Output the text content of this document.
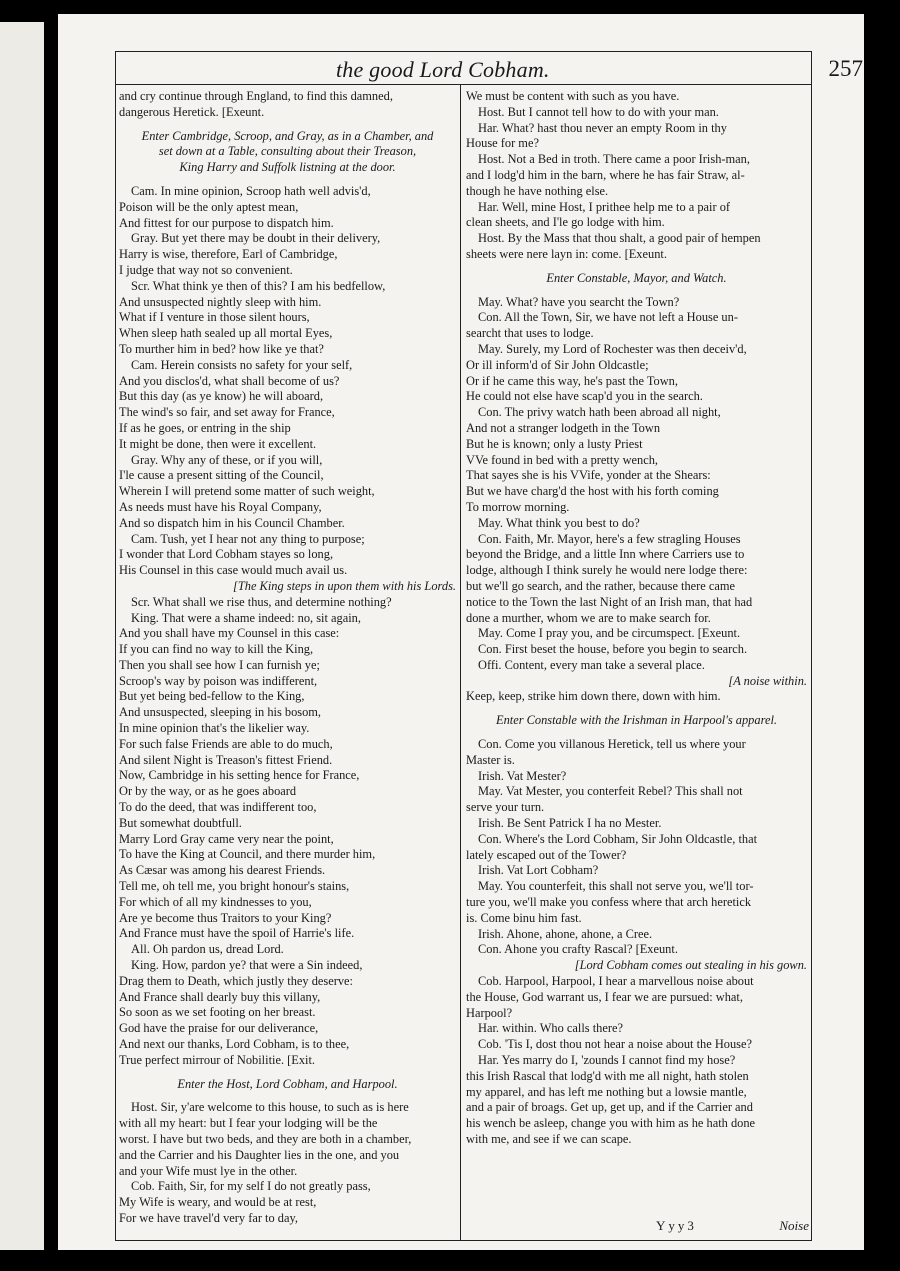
the good Lord Cobham.	257
and cry continue through England, to find this damned,
dangerous Heretick. [Exeunt.
Enter Cambridge, Scroop, and Gray, as in a Chamber, and
set down at a Table, consulting about their Treason,
King Harry and Suffolk listning at the door.
Cam. In mine opinion, Scroop hath well advis'd,
Poison will be the only aptest mean,
And fittest for our purpose to dispatch him.
Gray. But yet there may be doubt in their delivery,
Harry is wise, therefore, Earl of Cambridge,
I judge that way not so convenient.
Scr. What think ye then of this? I am his bedfellow,
And unsuspected nightly sleep with him.
What if I venture in those silent hours,
When sleep hath sealed up all mortal Eyes,
To murther him in bed? how like ye that?
Cam. Herein consists no safety for your self,
And you disclos'd, what shall become of us?
But this day (as ye know) he will aboard,
The wind's so fair, and set away for France,
If as he goes, or entring in the ship
It might be done, then were it excellent.
Gray. Why any of these, or if you will,
I'le cause a present sitting of the Council,
Wherein I will pretend some matter of such weight,
As needs must have his Royal Company,
And so dispatch him in his Council Chamber.
Cam. Tush, yet I hear not any thing to purpose;
I wonder that Lord Cobham stayes so long,
His Counsel in this case would much avail us.
[The King steps in upon them with his Lords.
Scr. What shall we rise thus, and determine nothing?
King. That were a shame indeed: no, sit again,
And you shall have my Counsel in this case:
If you can find no way to kill the King,
Then you shall see how I can furnish ye;
Scroop's way by poison was indifferent,
But yet being bed-fellow to the King,
And unsuspected, sleeping in his bosom,
In mine opinion that's the likelier way.
For such false Friends are able to do much,
And silent Night is Treason's fittest Friend.
Now, Cambridge in his setting hence for France,
Or by the way, or as he goes aboard
To do the deed, that was indifferent too,
But somewhat doubtfull.
Marry Lord Gray came very near the point,
To have the King at Council, and there murder him,
As Cæsar was among his dearest Friends.
Tell me, oh tell me, you bright honour's stains,
For which of all my kindnesses to you,
Are ye become thus Traitors to your King?
And France must have the spoil of Harrie's life.
All. Oh pardon us, dread Lord.
King. How, pardon ye? that were a Sin indeed,
Drag them to Death, which justly they deserve:
And France shall dearly buy this villany,
So soon as we set footing on her breast.
God have the praise for our deliverance,
And next our thanks, Lord Cobham, is to thee,
True perfect mirrour of Nobilitie. [Exit.
Enter the Host, Lord Cobham, and Harpool.
Host. Sir, y'are welcome to this house, to such as is here
with all my heart: but I fear your lodging will be the
worst. I have but two beds, and they are both in a chamber,
and the Carrier and his Daughter lies in the one, and you
and your Wife must lye in the other.
Cob. Faith, Sir, for my self I do not greatly pass,
My Wife is weary, and would be at rest,
For we have travel'd very far to day,
We must be content with such as you have.
Host. But I cannot tell how to do with your man.
Har. What? hast thou never an empty Room in thy
House for me?
Host. Not a Bed in troth. There came a poor Irish-man,
and I lodg'd him in the barn, where he has fair Straw, al-
though he have nothing else.
Har. Well, mine Host, I prithee help me to a pair of
clean sheets, and I'le go lodge with him.
Host. By the Mass that thou shalt, a good pair of hempen
sheets were nere layn in: come. [Exeunt.
Enter Constable, Mayor, and Watch.
May. What? have you searcht the Town?
Con. All the Town, Sir, we have not left a House un-
searcht that uses to lodge.
May. Surely, my Lord of Rochester was then deceiv'd,
Or ill inform'd of Sir John Oldcastle;
Or if he came this way, he's past the Town,
He could not else have scap'd you in the search.
Con. The privy watch hath been abroad all night,
And not a stranger lodgeth in the Town
But he is known; only a lusty Priest
VVe found in bed with a pretty wench,
That sayes she is his VVife, yonder at the Shears:
But we have charg'd the host with his forth coming
To morrow morning.
May. What think you best to do?
Con. Faith, Mr. Mayor, here's a few stragling Houses
beyond the Bridge, and a little Inn where Carriers use to
lodge, although I think surely he would nere lodge there:
but we'll go search, and the rather, because there came
notice to the Town the last Night of an Irish man, that had
done a murther, whom we are to make search for.
May. Come I pray you, and be circumspect. [Exeunt.
Con. First beset the house, before you begin to search.
Offi. Content, every man take a several place.
[A noise within.
Keep, keep, strike him down there, down with him.
Enter Constable with the Irishman in Harpool's apparel.
Con. Come you villanous Heretick, tell us where your
Master is.
Irish. Vat Mester?
May. Vat Mester, you conterfeit Rebel? This shall not
serve your turn.
Irish. Be Sent Patrick I ha no Mester.
Con. Where's the Lord Cobham, Sir John Oldcastle, that
lately escaped out of the Tower?
Irish. Vat Lort Cobham?
May. You counterfeit, this shall not serve you, we'll tor-
ture you, we'll make you confess where that arch heretick
is. Come binu him fast.
Irish. Ahone, ahone, ahone, a Cree.
Con. Ahone you crafty Rascal? [Exeunt.
[Lord Cobham comes out stealing in his gown.
Cob. Harpool, Harpool, I hear a marvellous noise about
the House, God warrant us, I fear we are pursued: what,
Harpool?
Har. within. Who calls there?
Cob. 'Tis I, dost thou not hear a noise about the House?
Har. Yes marry do I, 'zounds I cannot find my hose?
this Irish Rascal that lodg'd with me all night, hath stolen
my apparel, and has left me nothing but a lowsie mantle,
and a pair of broags. Get up, get up, and if the Carrier and
his wench be asleep, change you with him as he hath done
with me, and see if we can scape.
Yyy3	Noise
